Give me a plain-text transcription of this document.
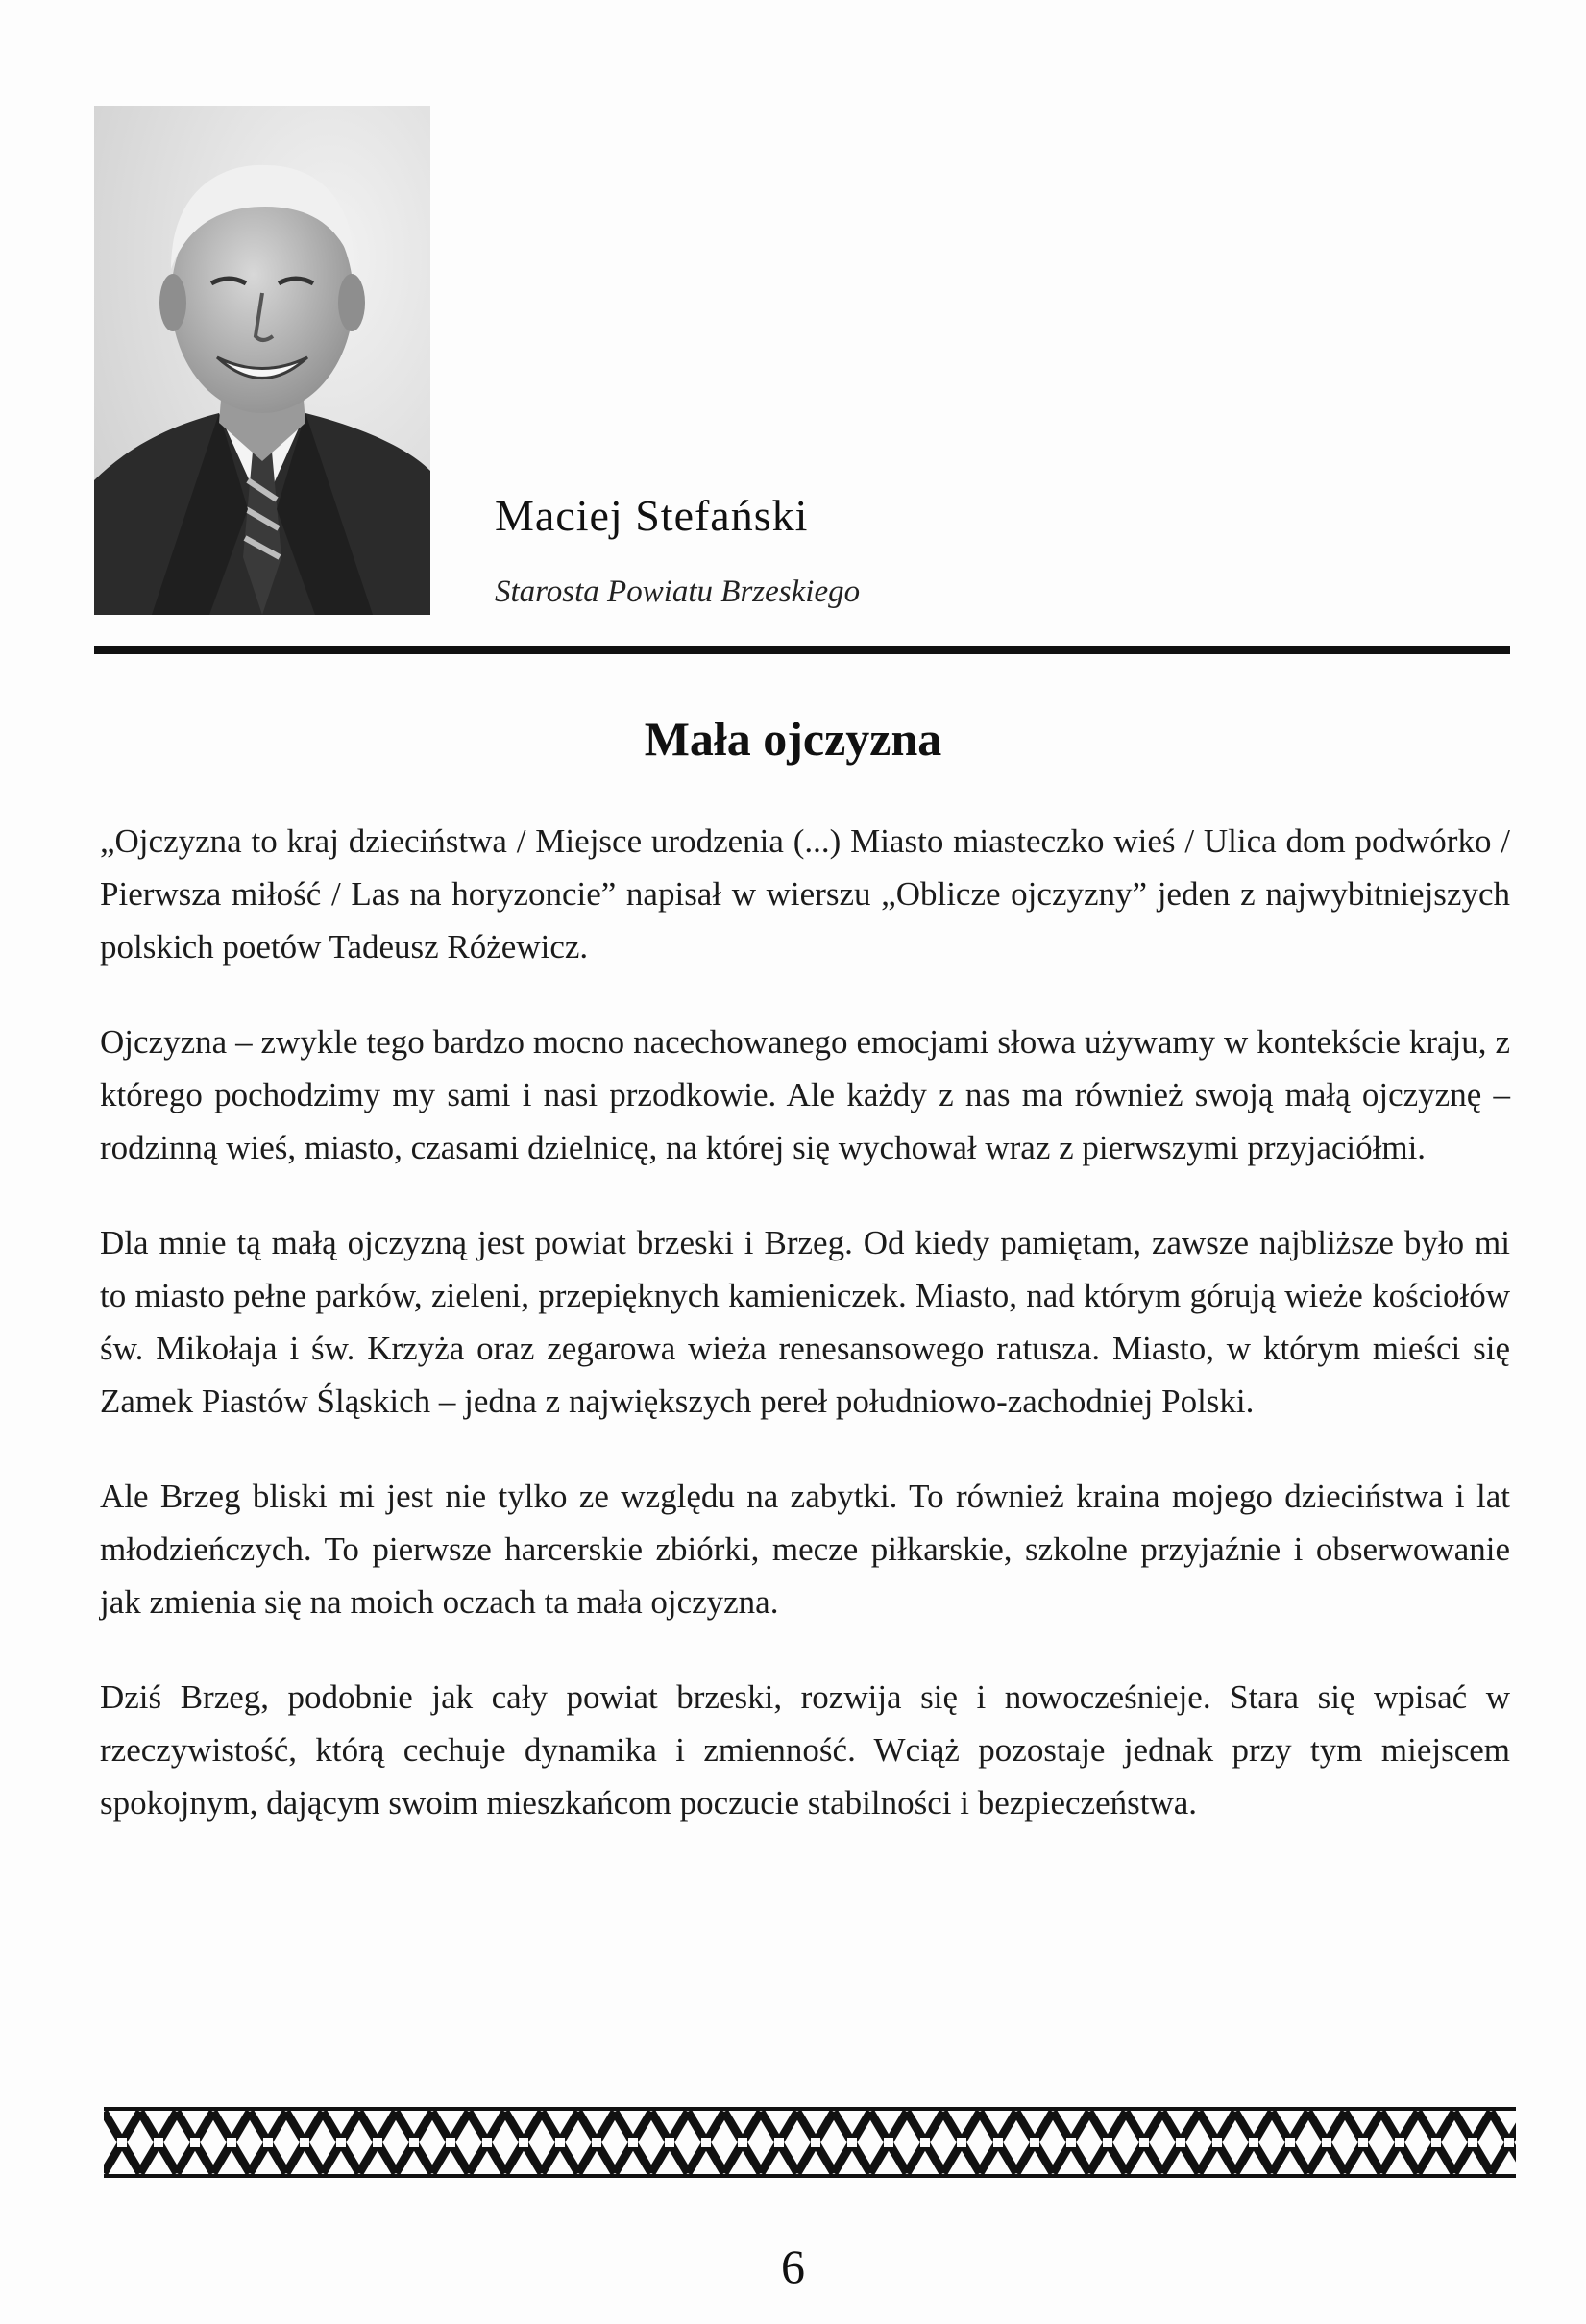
Maciej Stefański
Starosta Powiatu Brzeskiego
Mała ojczyzna

„Ojczyzna to kraj dzieciństwa / Miejsce urodzenia (...) Miasto miasteczko wieś / Ulica dom podwórko / Pierwsza miłość / Las na horyzoncie” napisał w wierszu „Oblicze ojczyzny” jeden z najwybitniejszych polskich poetów Tadeusz Różewicz.

Ojczyzna – zwykle tego bardzo mocno nacechowanego emocjami słowa używamy w kontekście kraju, z którego pochodzimy my sami i nasi przodkowie. Ale każdy z nas ma również swoją małą ojczyznę – rodzinną wieś, miasto, czasami dzielnicę, na której się wychował wraz z pierwszymi przyjaciółmi.

Dla mnie tą małą ojczyzną jest powiat brzeski i Brzeg. Od kiedy pamiętam, zawsze najbliższe było mi to miasto pełne parków, zieleni, przepięknych kamieniczek. Miasto, nad którym górują wieże kościołów św. Mikołaja i św. Krzyża oraz zegarowa wieża renesansowego ratusza. Miasto, w którym mieści się Zamek Piastów Śląskich – jedna z największych pereł południowo-zachodniej Polski.

Ale Brzeg bliski mi jest nie tylko ze względu na zabytki. To również kraina mojego dzieciństwa i lat młodzieńczych. To pierwsze harcerskie zbiórki, mecze piłkarskie, szkolne przyjaźnie i obserwowanie jak zmienia się na moich oczach ta mała ojczyzna.

Dziś Brzeg, podobnie jak cały powiat brzeski, rozwija się i nowocześnieje. Stara się wpisać w rzeczywistość, którą cechuje dynamika i zmienność. Wciąż pozostaje jednak przy tym miejscem spokojnym, dającym swoim mieszkańcom poczucie stabilności i bezpieczeństwa.

6
